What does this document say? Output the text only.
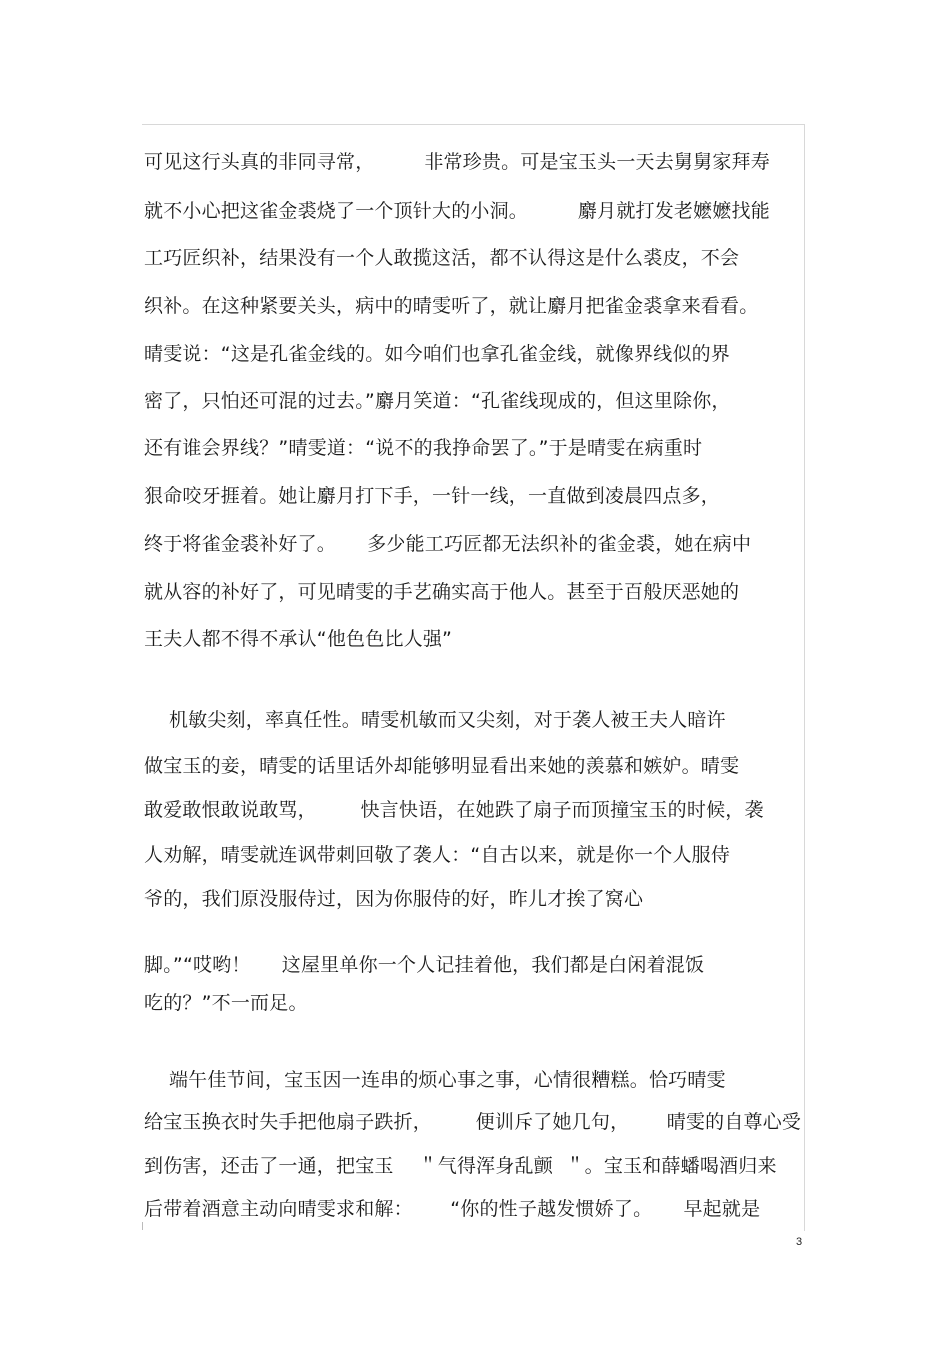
可见这行头真的非同寻常，        非常珍贵。可是宝玉头一天去舅舅家拜寿
就不小心把这雀金裘烧了一个顶针大的小洞。        麝月就打发老嬷嬷找能
工巧匠织补，结果没有一个人敢揽这活，都不认得这是什么裘皮，不会
织补。在这种紧要关头，病中的晴雯听了，就让麝月把雀金裘拿来看看。
晴雯说：“这是孔雀金线的。如今咱们也拿孔雀金线，就像界线似的界
密了，只怕还可混的过去。”麝月笑道：“孔雀线现成的，但这里除你，
还有谁会界线？”晴雯道：“说不的我挣命罢了。”于是晴雯在病重时
狠命咬牙捱着。她让麝月打下手，一针一线，一直做到凌晨四点多，
终于将雀金裘补好了。     多少能工巧匠都无法织补的雀金裘，她在病中
就从容的补好了，可见晴雯的手艺确实高于他人。甚至于百般厌恶她的
王夫人都不得不承认“他色色比人强”
机敏尖刻，率真任性。晴雯机敏而又尖刻，对于袭人被王夫人暗许
做宝玉的妾，晴雯的话里话外却能够明显看出来她的羡慕和嫉妒。晴雯
敢爱敢恨敢说敢骂，       快言快语，在她跌了扇子而顶撞宝玉的时候，袭
人劝解，晴雯就连讽带刺回敬了袭人：“自古以来，就是你一个人服侍
爷的，我们原没服侍过，因为你服侍的好，昨儿才挨了窝心
脚。”“哎哟！     这屋里单你一个人记挂着他，我们都是白闲着混饭
吃的？”不一而足。
端午佳节间，宝玉因一连串的烦心事之事，心情很糟糕。恰巧晴雯
给宝玉换衣时失手把他扇子跌折，       便训斥了她几句，      晴雯的自尊心受
到伤害，还击了一通，把宝玉    ＂气得浑身乱颤  ＂。宝玉和薛蟠喝酒归来
后带着酒意主动向晴雯求和解：      “你的性子越发惯娇了。     早起就是
3
